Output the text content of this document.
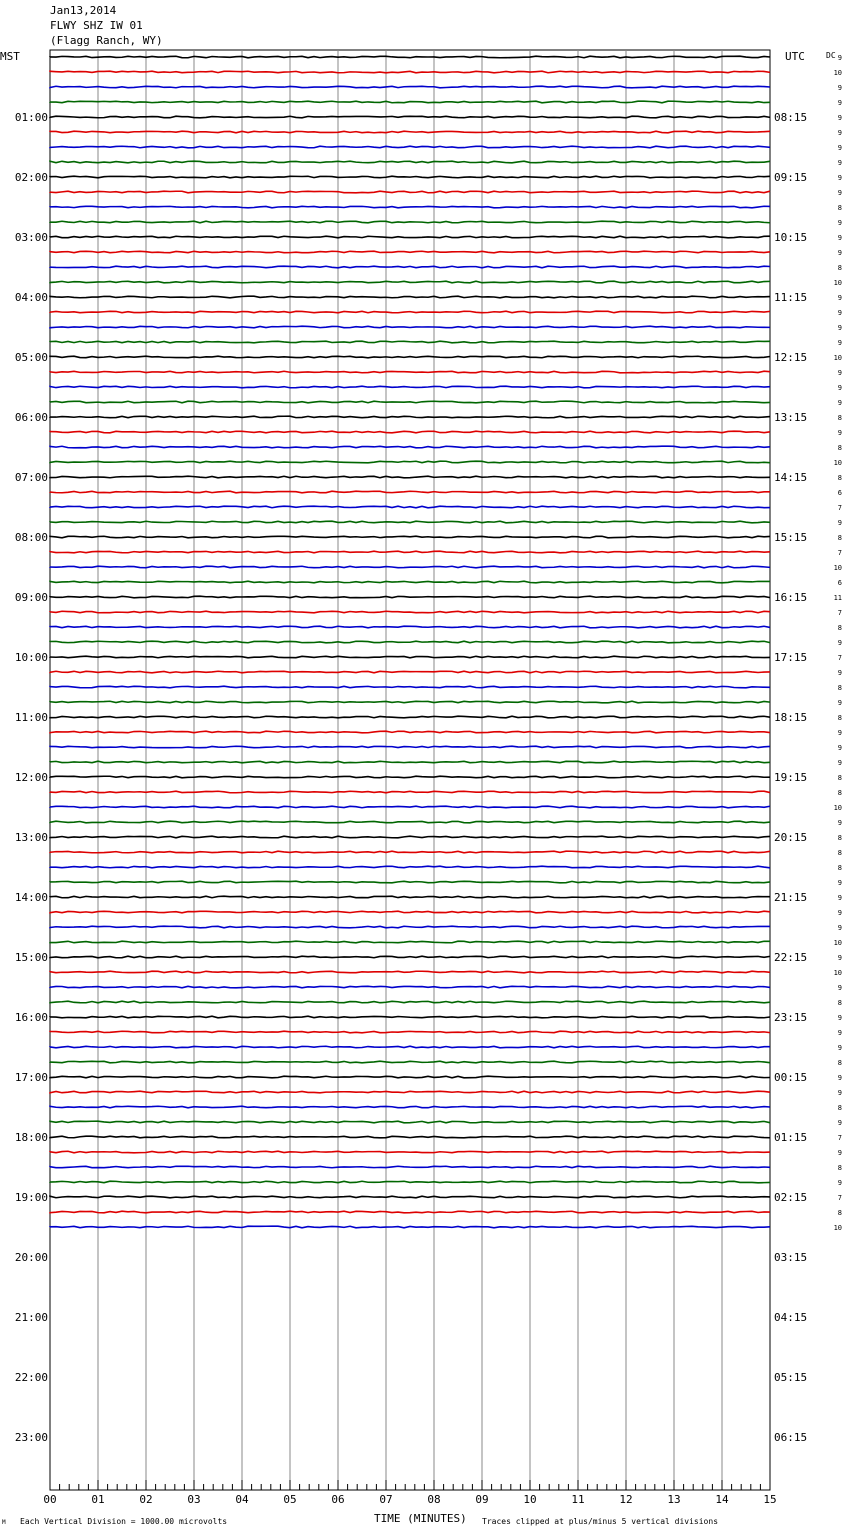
Jan13,2014
FLWY SHZ IW 01
(Flagg Ranch, WY)
MST	UTC	DC 9
10
9
9
9
9
9
9
9
9
8
9
9
9
8
10
9
9
9
9
10
9
9
9
8
9
8
10
8
6
7
9
8
7
10
6
11
7
8
9
7
9
8
9
8
9
9
9
8
8
10
9
8
8
8
9
9
9
9
10
9
10
9
8
9
9
9
8
9
9
8
9
7
9
8
9
7
8
10
01:00
02:00
03:00
04:00
05:00
06:00
07:00
08:00
09:00
10:00
11:00
12:00
13:00
14:00
15:00
16:00
17:00
18:00
19:00
20:00
21:00
22:00
23:00
08:15
09:15
10:15
11:15
12:15
13:15
14:15
15:15
16:15
17:15
18:15
19:15
20:15
21:15
22:15
23:15
00:15
01:15
02:15
03:15
04:15
05:15
06:15
00	01	02	03	04	05	06	07	08	09	10	11	12	13	14	15
TIME (MINUTES)
Each Vertical Division = 1000.00 microvolts	Traces clipped at plus/minus 5 vertical divisions
M
